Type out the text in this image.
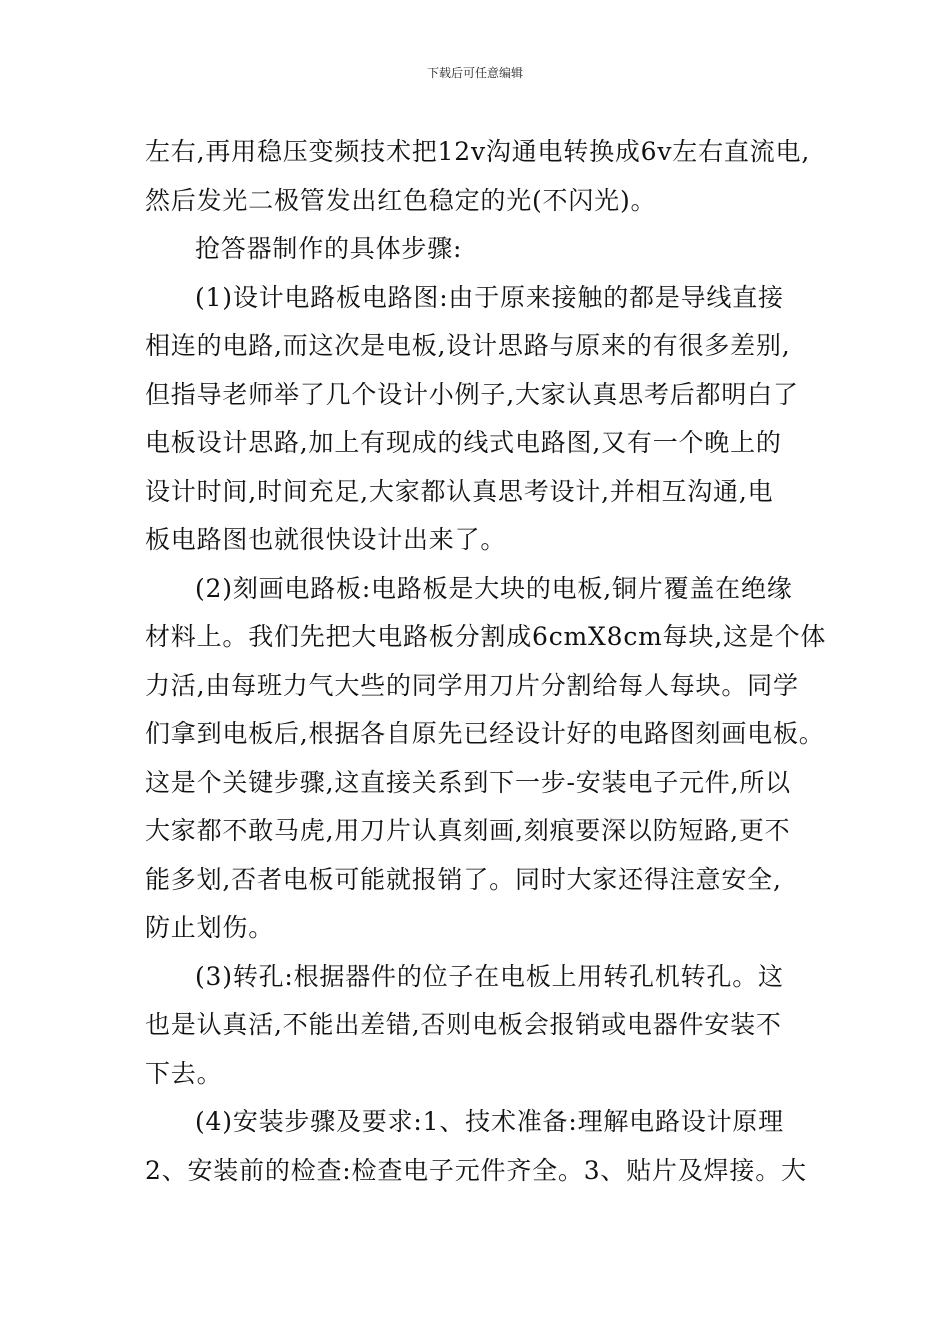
下载后可任意编辑
左右,再用稳压变频技术把12v沟通电转换成6v左右直流电,
然后发光二极管发出红色稳定的光(不闪光)。
抢答器制作的具体步骤:
(1)设计电路板电路图:由于原来接触的都是导线直接
相连的电路,而这次是电板,设计思路与原来的有很多差别,
但指导老师举了几个设计小例子,大家认真思考后都明白了
电板设计思路,加上有现成的线式电路图,又有一个晚上的
设计时间,时间充足,大家都认真思考设计,并相互沟通,电
板电路图也就很快设计出来了。
(2)刻画电路板:电路板是大块的电板,铜片覆盖在绝缘
材料上。我们先把大电路板分割成6cmX8cm每块,这是个体
力活,由每班力气大些的同学用刀片分割给每人每块。同学
们拿到电板后,根据各自原先已经设计好的电路图刻画电板。
这是个关键步骤,这直接关系到下一步-安装电子元件,所以
大家都不敢马虎,用刀片认真刻画,刻痕要深以防短路,更不
能多划,否者电板可能就报销了。同时大家还得注意安全,
防止划伤。
(3)转孔:根据器件的位子在电板上用转孔机转孔。这
也是认真活,不能出差错,否则电板会报销或电器件安装不
下去。
(4)安装步骤及要求:1、技术准备:理解电路设计原理
2、安装前的检查:检查电子元件齐全。3、贴片及焊接。大
